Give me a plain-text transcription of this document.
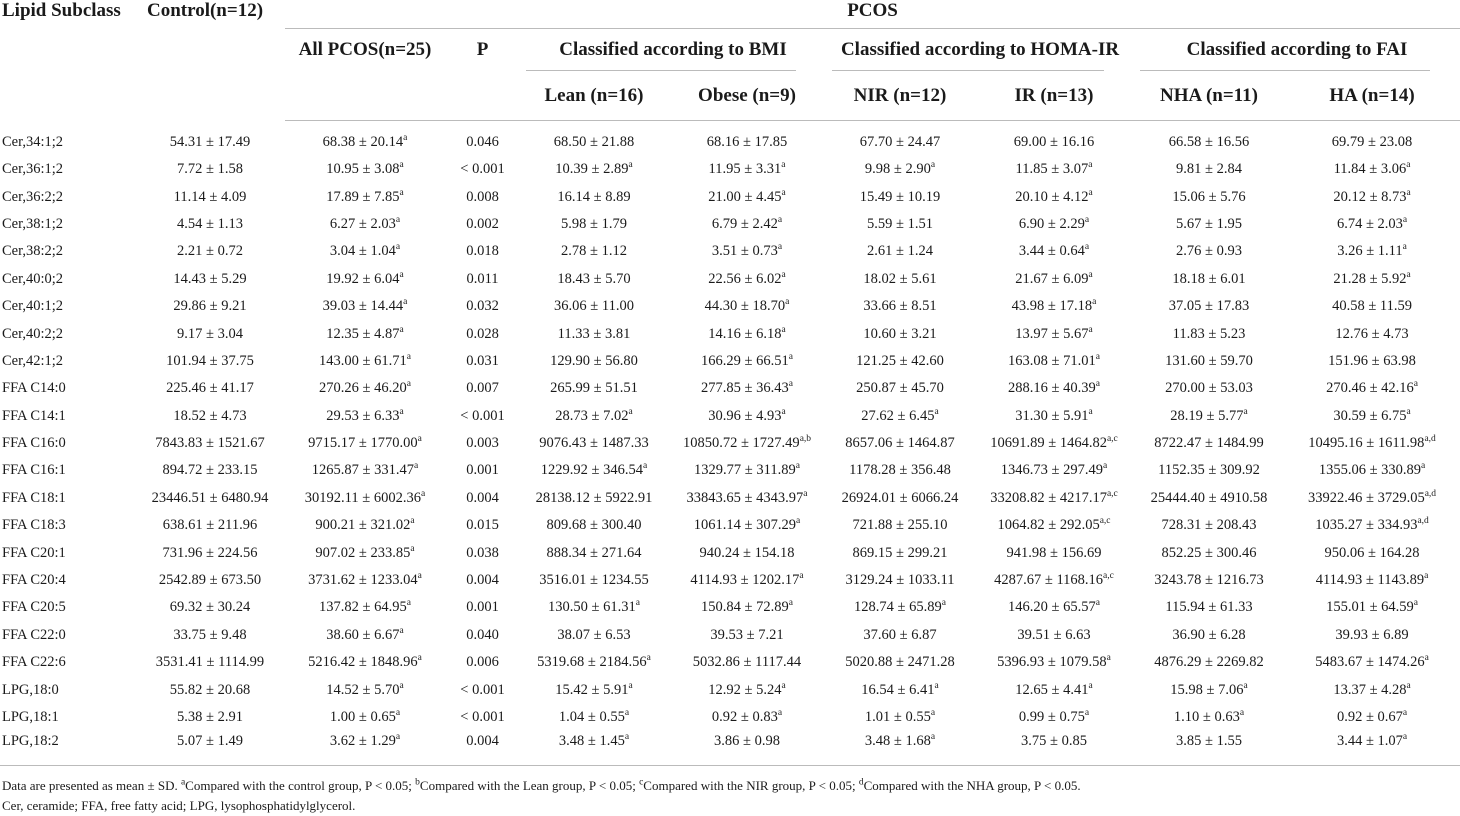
Lipid Subclass	Control(n=12)	PCOS							
		All PCOS(n=25)	P	Classified according to BMI		Classified according to HOMA-IR		Classified according to FAI	
				Lean (n=16)	Obese (n=9)	NIR (n=12)	IR (n=13)	NHA (n=11)	HA (n=14)
Cer,34:1;2	54.31 ± 17.49	68.38 ± 20.14$^a$	0.046	68.50 ± 21.88	68.16 ± 17.85	67.70 ± 24.47	69.00 ± 16.16	66.58 ± 16.56	69.79 ± 23.08
Cer,36:1;2	7.72 ± 1.58	10.95 ± 3.08$^a$	< 0.001	10.39 ± 2.89$^a$	11.95 ± 3.31$^a$	9.98 ± 2.90$^a$	11.85 ± 3.07$^a$	9.81 ± 2.84	11.84 ± 3.06$^a$
Cer,36:2;2	11.14 ± 4.09	17.89 ± 7.85$^a$	0.008	16.14 ± 8.89	21.00 ± 4.45$^a$	15.49 ± 10.19	20.10 ± 4.12$^a$	15.06 ± 5.76	20.12 ± 8.73$^a$
Cer,38:1;2	4.54 ± 1.13	6.27 ± 2.03$^a$	0.002	5.98 ± 1.79	6.79 ± 2.42$^a$	5.59 ± 1.51	6.90 ± 2.29$^a$	5.67 ± 1.95	6.74 ± 2.03$^a$
Cer,38:2;2	2.21 ± 0.72	3.04 ± 1.04$^a$	0.018	2.78 ± 1.12	3.51 ± 0.73$^a$	2.61 ± 1.24	3.44 ± 0.64$^a$	2.76 ± 0.93	3.26 ± 1.11$^a$
Cer,40:0;2	14.43 ± 5.29	19.92 ± 6.04$^a$	0.011	18.43 ± 5.70	22.56 ± 6.02$^a$	18.02 ± 5.61	21.67 ± 6.09$^a$	18.18 ± 6.01	21.28 ± 5.92$^a$
Cer,40:1;2	29.86 ± 9.21	39.03 ± 14.44$^a$	0.032	36.06 ± 11.00	44.30 ± 18.70$^a$	33.66 ± 8.51	43.98 ± 17.18$^a$	37.05 ± 17.83	40.58 ± 11.59
Cer,40:2;2	9.17 ± 3.04	12.35 ± 4.87$^a$	0.028	11.33 ± 3.81	14.16 ± 6.18$^a$	10.60 ± 3.21	13.97 ± 5.67$^a$	11.83 ± 5.23	12.76 ± 4.73
Cer,42:1;2	101.94 ± 37.75	143.00 ± 61.71$^a$	0.031	129.90 ± 56.80	166.29 ± 66.51$^a$	121.25 ± 42.60	163.08 ± 71.01$^a$	131.60 ± 59.70	151.96 ± 63.98
FFA C14:0	225.46 ± 41.17	270.26 ± 46.20$^a$	0.007	265.99 ± 51.51	277.85 ± 36.43$^a$	250.87 ± 45.70	288.16 ± 40.39$^a$	270.00 ± 53.03	270.46 ± 42.16$^a$
FFA C14:1	18.52 ± 4.73	29.53 ± 6.33$^a$	< 0.001	28.73 ± 7.02$^a$	30.96 ± 4.93$^a$	27.62 ± 6.45$^a$	31.30 ± 5.91$^a$	28.19 ± 5.77$^a$	30.59 ± 6.75$^a$
FFA C16:0	7843.83 ± 1521.67	9715.17 ± 1770.00$^a$	0.003	9076.43 ± 1487.33	$10850.72 \pm 1727.49^{a,b}$	8657.06 ± 1464.87	$10691.89 \pm 1464.82^{a,c}$	8722.47 ± 1484.99	$10495.16 \pm 1611.98^{a,d}$
FFA C16:1	894.72 ± 233.15	1265.87 ± 331.47$^a$	0.001	1229.92 ± 346.54$^a$	1329.77 ± 311.89$^a$	1178.28 ± 356.48	1346.73 ± 297.49$^a$	1152.35 ± 309.92	1355.06 ± 330.89$^a$
FFA C18:1	23446.51 ± 6480.94	30192.11 ± 6002.36$^a$	0.004	28138.12 ± 5922.91	33843.65 ± 4343.97$^a$	26924.01 ± 6066.24	$33208.82 \pm 4217.17^{a,c}$	25444.40 ± 4910.58	$33922.46 \pm 3729.05^{a,d}$
FFA C18:3	638.61 ± 211.96	900.21 ± 321.02$^a$	0.015	809.68 ± 300.40	1061.14 ± 307.29$^a$	721.88 ± 255.10	$1064.82 \pm 292.05^{a,c}$	728.31 ± 208.43	$1035.27 \pm 334.93^{a,d}$
FFA C20:1	731.96 ± 224.56	907.02 ± 233.85$^a$	0.038	888.34 ± 271.64	940.24 ± 154.18	869.15 ± 299.21	941.98 ± 156.69	852.25 ± 300.46	950.06 ± 164.28
FFA C20:4	2542.89 ± 673.50	3731.62 ± 1233.04$^a$	0.004	3516.01 ± 1234.55	4114.93 ± 1202.17$^a$	3129.24 ± 1033.11	$4287.67 \pm 1168.16^{a,c}$	3243.78 ± 1216.73	4114.93 ± 1143.89$^a$
FFA C20:5	69.32 ± 30.24	137.82 ± 64.95$^a$	0.001	130.50 ± 61.31$^a$	150.84 ± 72.89$^a$	128.74 ± 65.89$^a$	146.20 ± 65.57$^a$	115.94 ± 61.33	155.01 ± 64.59$^a$
FFA C22:0	33.75 ± 9.48	38.60 ± 6.67$^a$	0.040	38.07 ± 6.53	39.53 ± 7.21	37.60 ± 6.87	39.51 ± 6.63	36.90 ± 6.28	39.93 ± 6.89
FFA C22:6	3531.41 ± 1114.99	5216.42 ± 1848.96$^a$	0.006	5319.68 ± 2184.56$^a$	5032.86 ± 1117.44	5020.88 ± 2471.28	5396.93 ± 1079.58$^a$	4876.29 ± 2269.82	5483.67 ± 1474.26$^a$
LPG,18:0	55.82 ± 20.68	14.52 ± 5.70$^a$	< 0.001	15.42 ± 5.91$^a$	12.92 ± 5.24$^a$	16.54 ± 6.41$^a$	12.65 ± 4.41$^a$	15.98 ± 7.06$^a$	13.37 ± 4.28$^a$
LPG,18:1	5.38 ± 2.91	1.00 ± 0.65$^a$	< 0.001	1.04 ± 0.55$^a$	0.92 ± 0.83$^a$	1.01 ± 0.55$^a$	0.99 ± 0.75$^a$	1.10 ± 0.63$^a$	0.92 ± 0.67$^a$
LPG,18:2	5.07 ± 1.49	3.62 ± 1.29$^a$	0.004	3.48 ± 1.45$^a$	3.86 ± 0.98	3.48 ± 1.68$^a$	3.75 ± 0.85	3.85 ± 1.55	3.44 ± 1.07$^a$
Data are presented as mean ± SD. $^a$Compared with the control group, P < 0.05; $^b$Compared with the Lean group, P < 0.05; $^c$Compared with the NIR group, P < 0.05; $^d$Compared with the NHA group, P < 0.05.
Cer, ceramide; FFA, free fatty acid; LPG, lysophosphatidylglycerol.
